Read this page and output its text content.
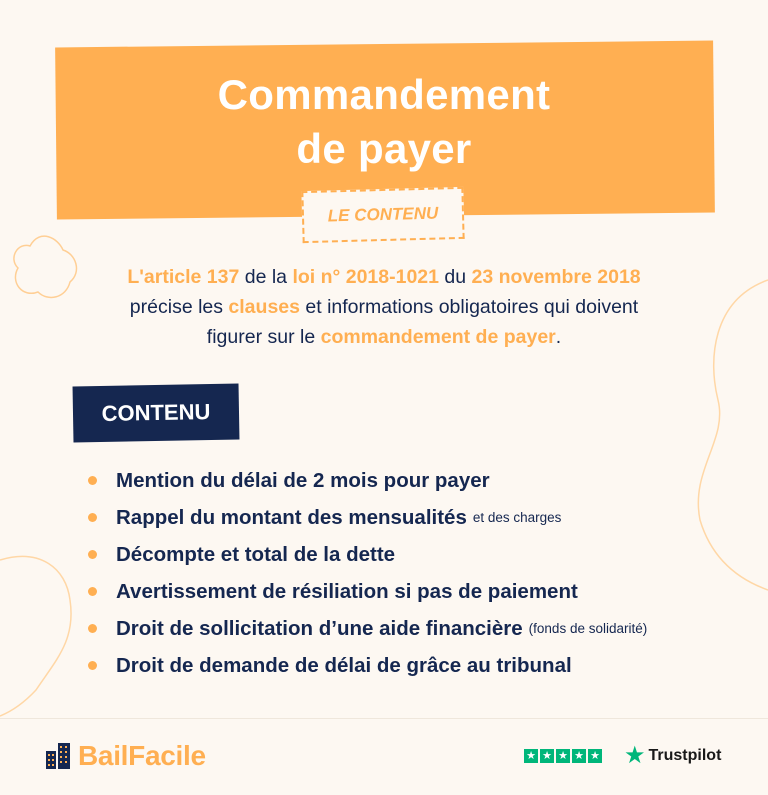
Commandement
de payer
LE CONTENU
L'article 137 de la loi n° 2018-1021 du 23 novembre 2018
précise les clauses et informations obligatoires qui doivent
figurer sur le commandement de payer.
CONTENU
Mention du délai de 2 mois pour payer
Rappel du montant des mensualités et des charges
Décompte et total de la dette
Avertissement de résiliation si pas de paiement
Droit de sollicitation d’une aide financière (fonds de solidarité)
Droit de demande de délai de grâce au tribunal
BailFacile	★ ★ ★ ★ ★ ★ Trustpilot
